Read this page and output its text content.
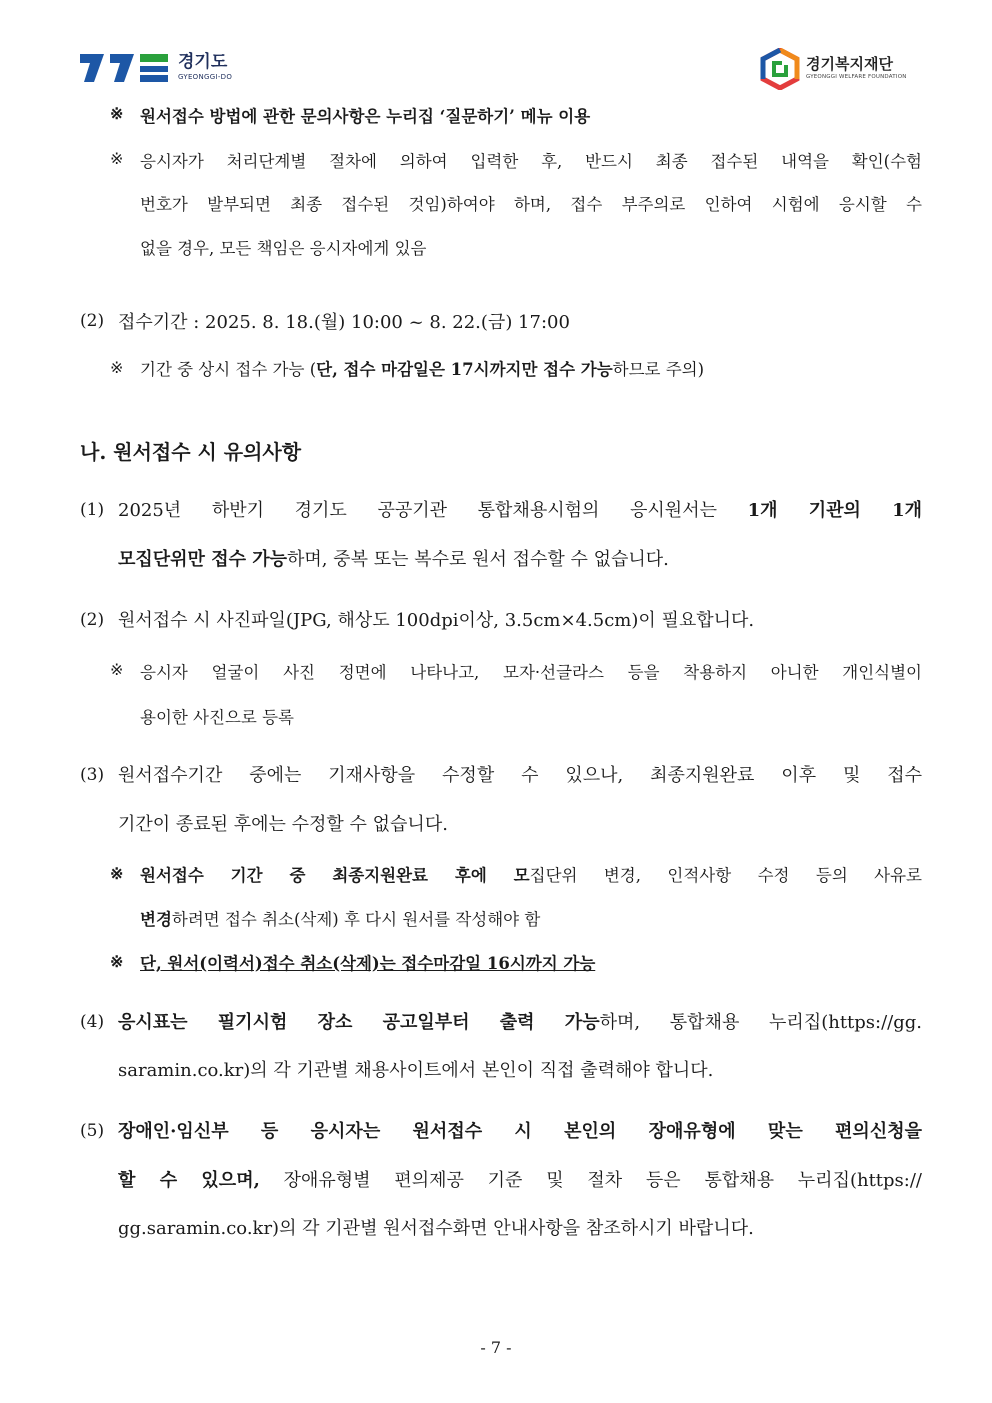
경기도
GYEONGGI-DO
경기복지재단
GYEONGGI WELFARE FOUNDATION
※ 원서접수 방법에 관한 문의사항은 누리집 ‘질문하기’ 메뉴 이용
※ 응시자가 처리단계별 절차에 의하여 입력한 후, 반드시 최종 접수된 내역을 확인(수험
번호가 발부되면 최종 접수된 것임)하여야 하며, 접수 부주의로 인하여 시험에 응시할 수
없을 경우, 모든 책임은 응시자에게 있음
(2) 접수기간 : 2025. 8. 18.(월) 10:00 ~ 8. 22.(금) 17:00
※ 기간 중 상시 접수 가능 (단, 접수 마감일은 17시까지만 접수 가능하므로 주의)
나. 원서접수 시 유의사항
(1) 2025년 하반기 경기도 공공기관 통합채용시험의 응시원서는 1개 기관의 1개
모집단위만 접수 가능하며, 중복 또는 복수로 원서 접수할 수 없습니다.
(2) 원서접수 시 사진파일(JPG, 해상도 100dpi이상, 3.5cm×4.5cm)이 필요합니다.
※ 응시자 얼굴이 사진 정면에 나타나고, 모자·선글라스 등을 착용하지 아니한 개인식별이
용이한 사진으로 등록
(3) 원서접수기간 중에는 기재사항을 수정할 수 있으나, 최종지원완료 이후 및 접수
기간이 종료된 후에는 수정할 수 없습니다.
※ 원서접수 기간 중 최종지원완료 후에 모집단위 변경, 인적사항 수정 등의 사유로
변경하려면 접수 취소(삭제) 후 다시 원서를 작성해야 함
※ 단, 원서(이력서)접수 취소(삭제)는 접수마감일 16시까지 가능
(4) 응시표는 필기시험 장소 공고일부터 출력 가능하며, 통합채용 누리집(https://gg.
saramin.co.kr)의 각 기관별 채용사이트에서 본인이 직접 출력해야 합니다.
(5) 장애인·임신부 등 응시자는 원서접수 시 본인의 장애유형에 맞는 편의신청을
할 수 있으며, 장애유형별 편의제공 기준 및 절차 등은 통합채용 누리집(https://
gg.saramin.co.kr)의 각 기관별 원서접수화면 안내사항을 참조하시기 바랍니다.
- 7 -
